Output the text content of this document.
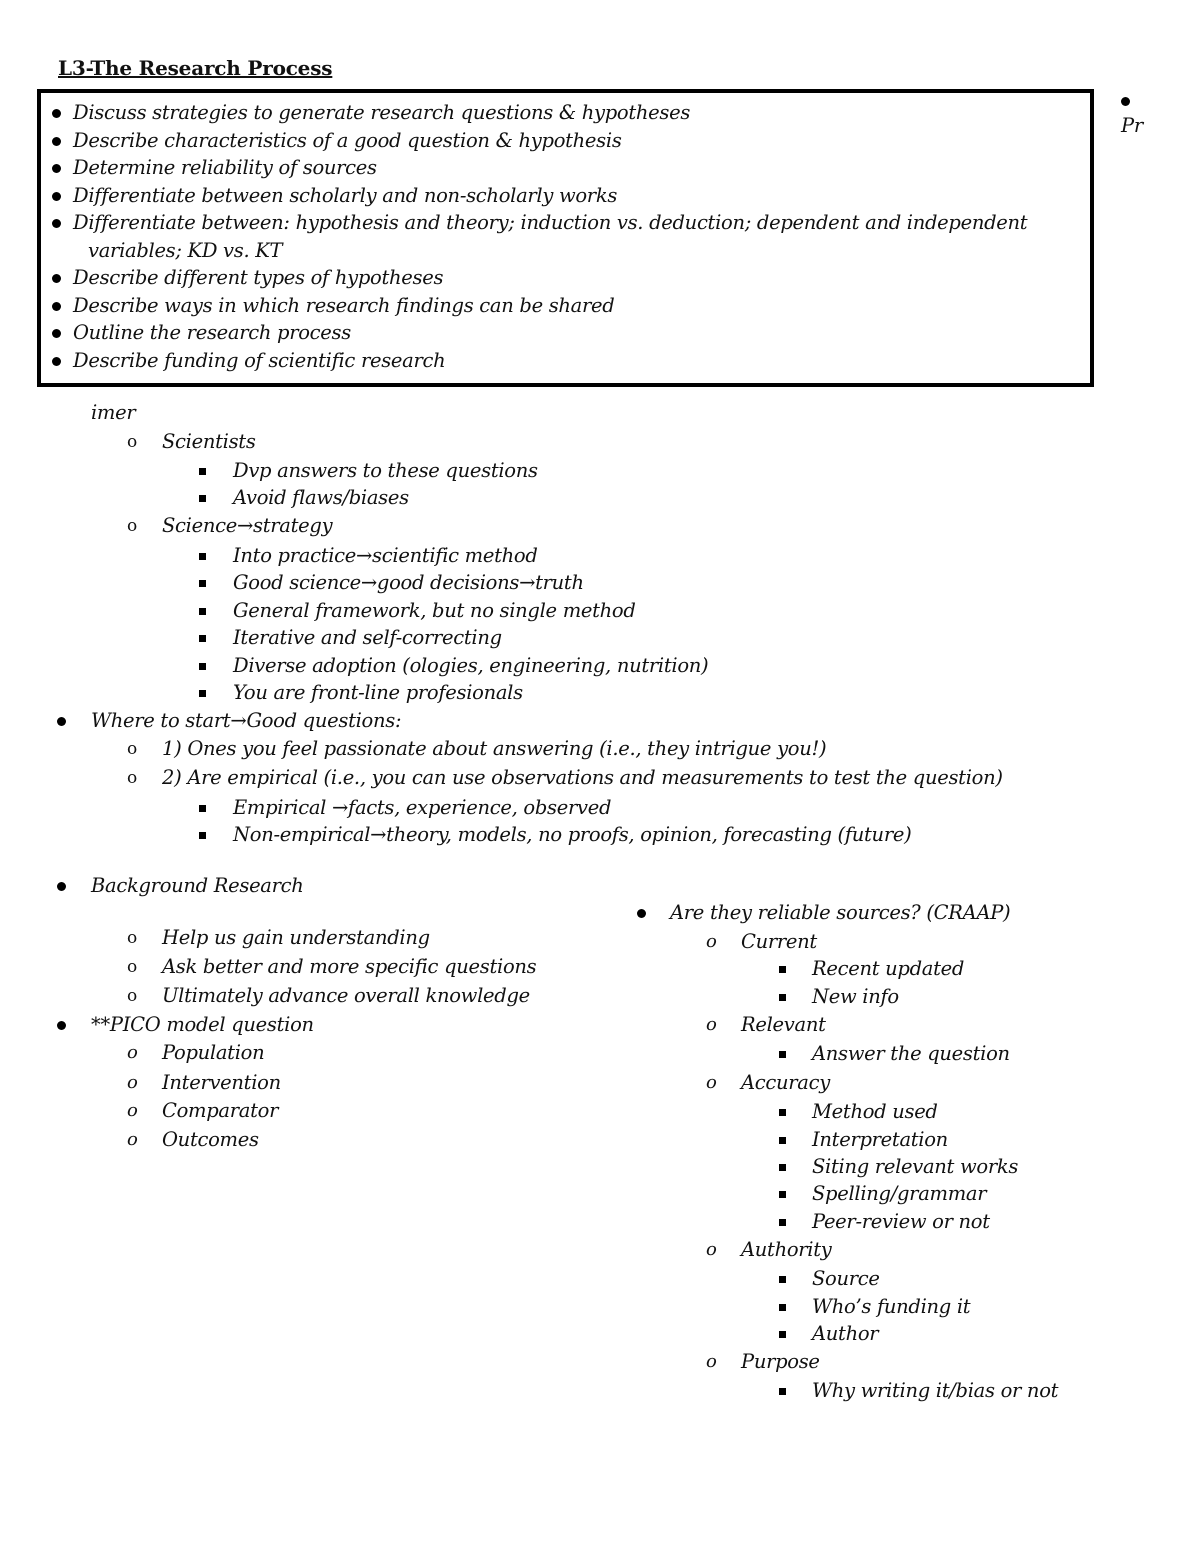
L3-The Research Process
Discuss strategies to generate research questions & hypotheses
Describe characteristics of a good question & hypothesis
Determine reliability of sources
Differentiate between scholarly and non-scholarly works
Differentiate between: hypothesis and theory; induction vs. deduction; dependent and independent
variables; KD vs. KT
Describe different types of hypotheses
Describe ways in which research findings can be shared
Outline the research process
Describe funding of scientific research
Pr
imer
o Scientists
Dvp answers to these questions
Avoid flaws/biases
o Science→strategy
Into practice→scientific method
Good science→good decisions→truth
General framework, but no single method
Iterative and self-correcting
Diverse adoption (ologies, engineering, nutrition)
You are front-line profesionals
Where to start→Good questions:
o 1) Ones you feel passionate about answering (i.e., they intrigue you!)
o 2) Are empirical (i.e., you can use observations and measurements to test the question)
Empirical →facts, experience, observed
Non-empirical→theory, models, no proofs, opinion, forecasting (future)
Background Research
o Help us gain understanding
o Ask better and more specific questions
o Ultimately advance overall knowledge
**PICO model question
o Population
o Intervention
o Comparator
o Outcomes
Are they reliable sources? (CRAAP)
o Current
Recent updated
New info
o Relevant
Answer the question
o Accuracy
Method used
Interpretation
Siting relevant works
Spelling/grammar
Peer-review or not
o Authority
Source
Who’s funding it
Author
o Purpose
Why writing it/bias or not
